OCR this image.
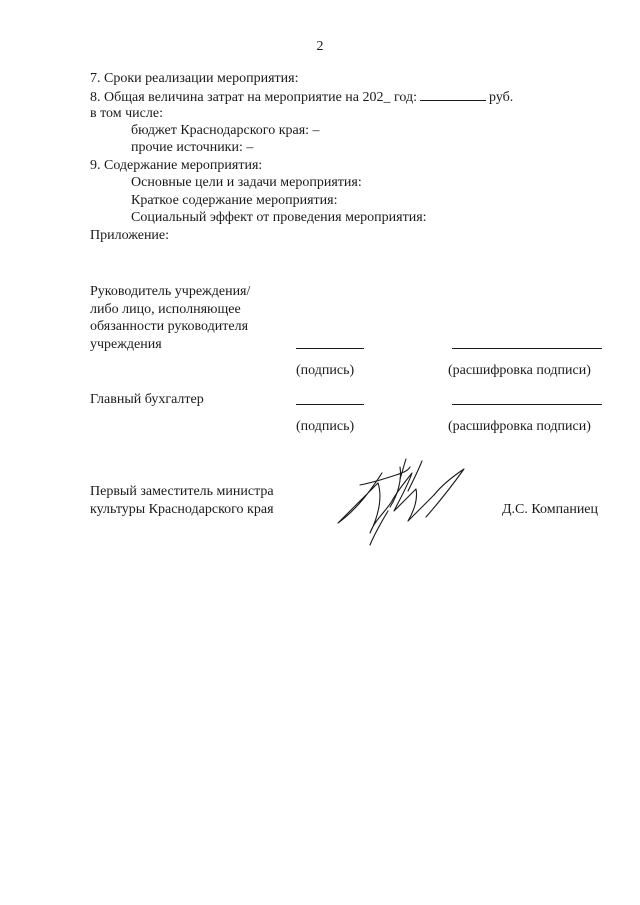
2
7. Сроки реализации мероприятия:
8. Общая величина затрат на мероприятие на 202_ год:	руб.
в том числе:
бюджет Краснодарского края: –
прочие источники: –
9. Содержание мероприятия:
Основные цели и задачи мероприятия:
Краткое содержание мероприятия:
Социальный эффект от проведения мероприятия:
Приложение:
Руководитель учреждения/
либо лицо, исполняющее
обязанности руководителя
учреждения
(подпись)	(расшифровка подписи)
Главный бухгалтер
(подпись)	(расшифровка подписи)
Первый заместитель министра
культуры Краснодарского края	Д.С. Компаниец
